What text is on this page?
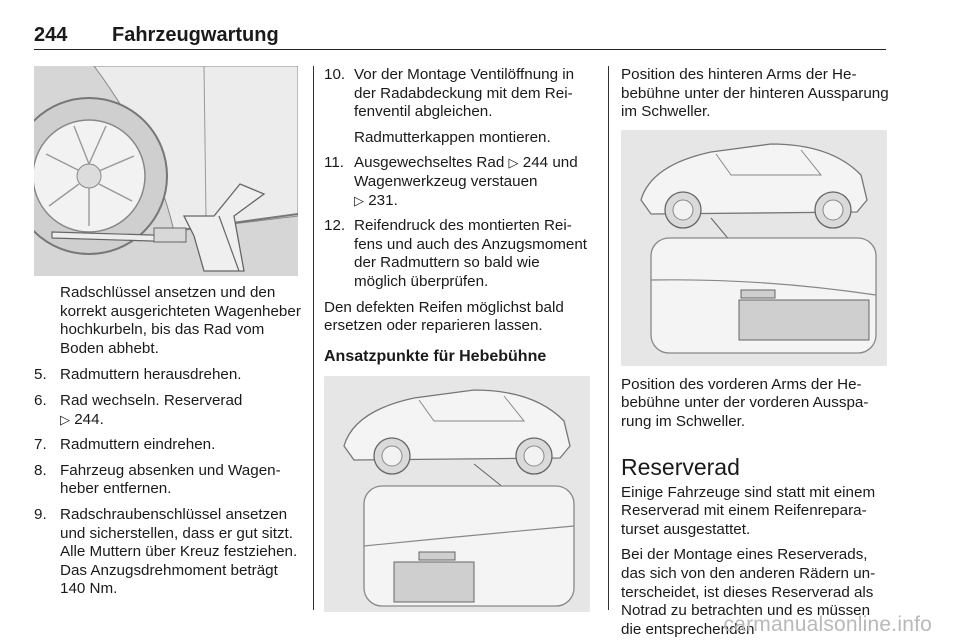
244 Fahrzeugwartung

Radschlüssel ansetzen und den korrekt ausgerichteten Wagenheber hochkurbeln, bis das Rad vom Boden abhebt.

5. Radmuttern herausdrehen.
6. Rad wechseln. Reserverad
▷ 244.
7. Radmuttern eindrehen.
8. Fahrzeug absenken und Wagenheber entfernen.
9. Radschraubenschlüssel ansetzen und sicherstellen, dass er gut sitzt. Alle Muttern über Kreuz festziehen. Das Anzugsdrehmoment beträgt 140 Nm.
10. Vor der Montage Ventilöffnung in der Radabdeckung mit dem Reifenventil abgleichen.

Radmutterkappen montieren.

11. Ausgewechseltes Rad ▷ 244 und Wagenwerkzeug verstauen
▷ 231.
12. Reifendruck des montierten Reifens und auch des Anzugsmoment der Radmuttern so bald wie möglich überprüfen.

Den defekten Reifen möglichst bald ersetzen oder reparieren lassen.

Ansatzpunkte für Hebebühne

Position des hinteren Arms der Hebebühne unter der hinteren Aussparung im Schweller.

Position des vorderen Arms der Hebebühne unter der vorderen Aussparung im Schweller.

Reserverad

Einige Fahrzeuge sind statt mit einem Reserverad mit einem Reifenreparaturset ausgestattet.

Bei der Montage eines Reserverads, das sich von den anderen Rädern unterscheidet, ist dieses Reserverad als Notrad zu betrachten und es müssen die entsprechenden

carmanualsonline.info
